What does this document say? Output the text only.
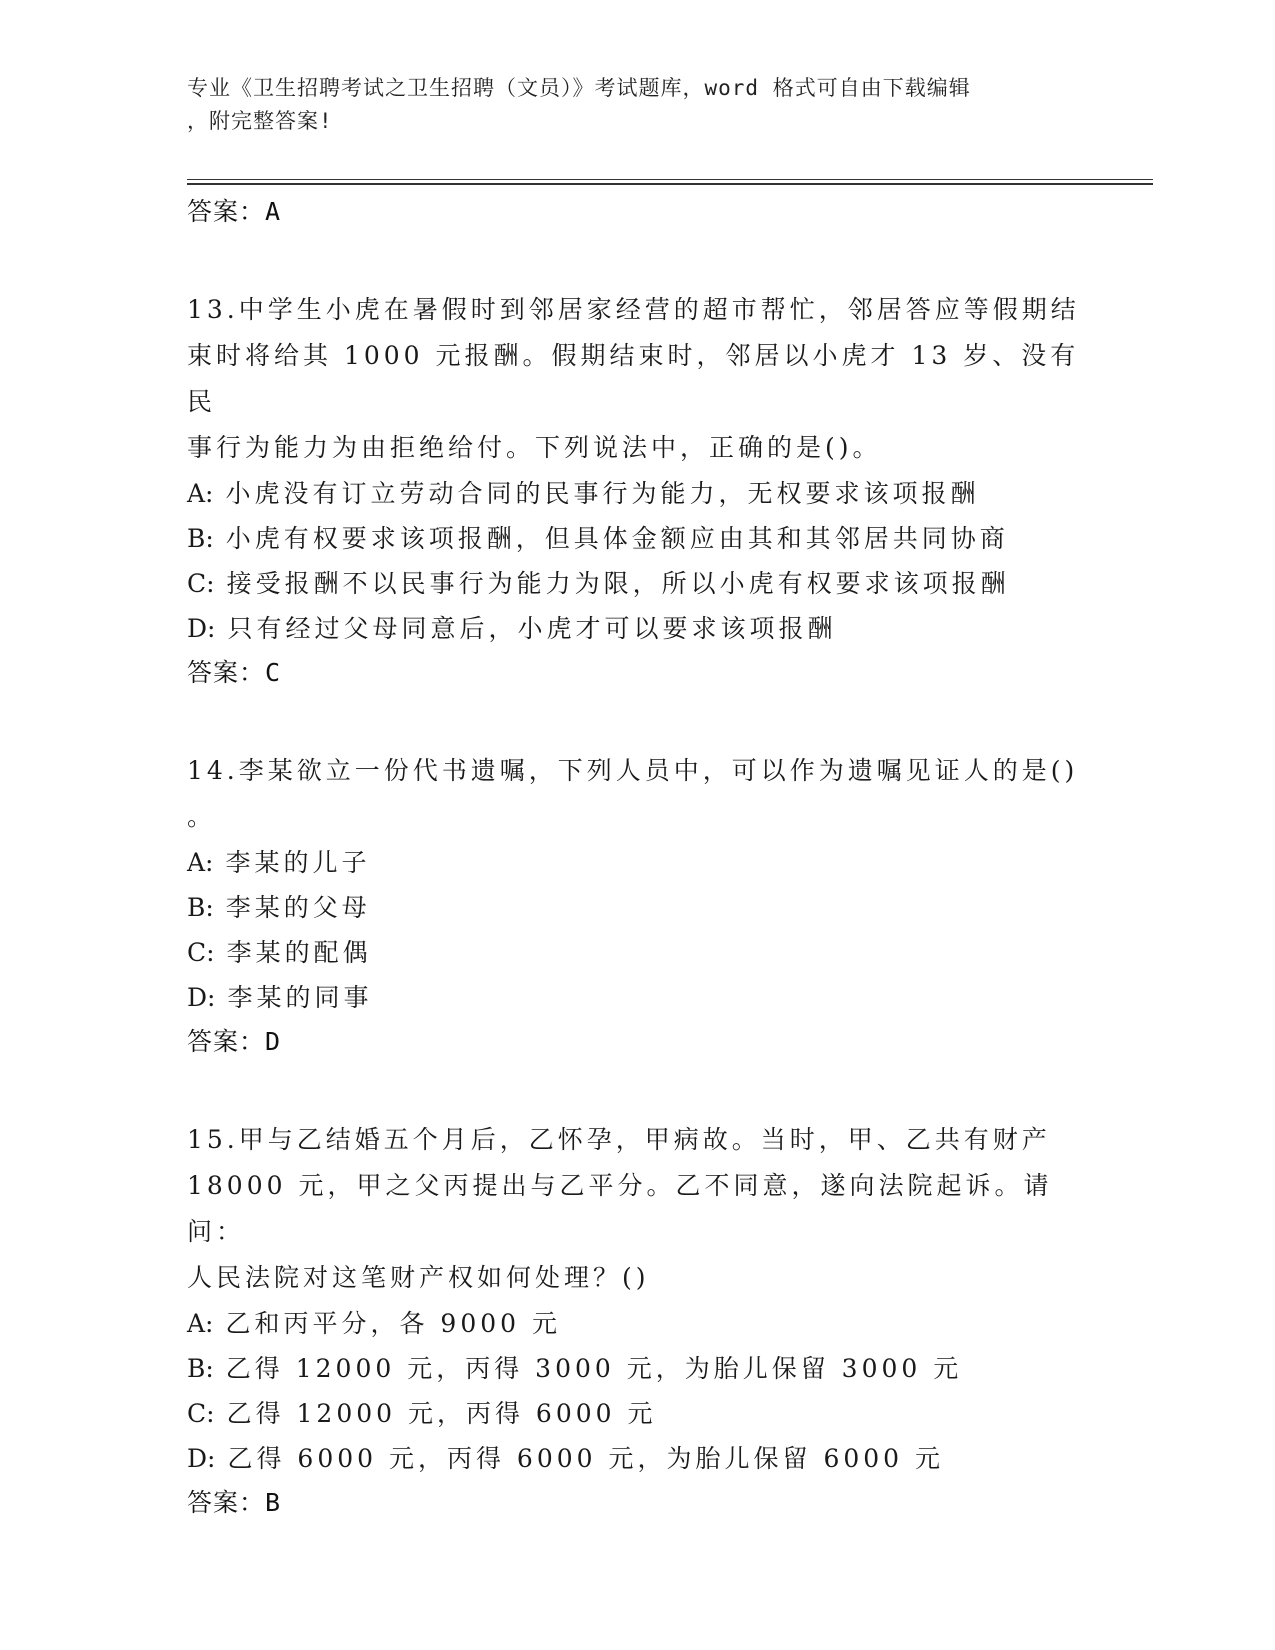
专业《卫生招聘考试之卫生招聘（文员）》考试题库，word 格式可自由下载编辑
，附完整答案!
答案：A
13.中学生小虎在暑假时到邻居家经营的超市帮忙，邻居答应等假期结
束时将给其 1000 元报酬。假期结束时，邻居以小虎才 13 岁、没有民
事行为能力为由拒绝给付。下列说法中，正确的是()。
A: 小虎没有订立劳动合同的民事行为能力，无权要求该项报酬
B: 小虎有权要求该项报酬，但具体金额应由其和其邻居共同协商
C: 接受报酬不以民事行为能力为限，所以小虎有权要求该项报酬
D: 只有经过父母同意后，小虎才可以要求该项报酬
答案：C
14.李某欲立一份代书遗嘱，下列人员中，可以作为遗嘱见证人的是()
。
A: 李某的儿子
B: 李某的父母
C: 李某的配偶
D: 李某的同事
答案：D
15.甲与乙结婚五个月后，乙怀孕，甲病故。当时，甲、乙共有财产
18000 元，甲之父丙提出与乙平分。乙不同意，遂向法院起诉。请问：
人民法院对这笔财产权如何处理？()
A: 乙和丙平分，各 9000 元
B: 乙得 12000 元，丙得 3000 元，为胎儿保留 3000 元
C: 乙得 12000 元，丙得 6000 元
D: 乙得 6000 元，丙得 6000 元，为胎儿保留 6000 元
答案：B
